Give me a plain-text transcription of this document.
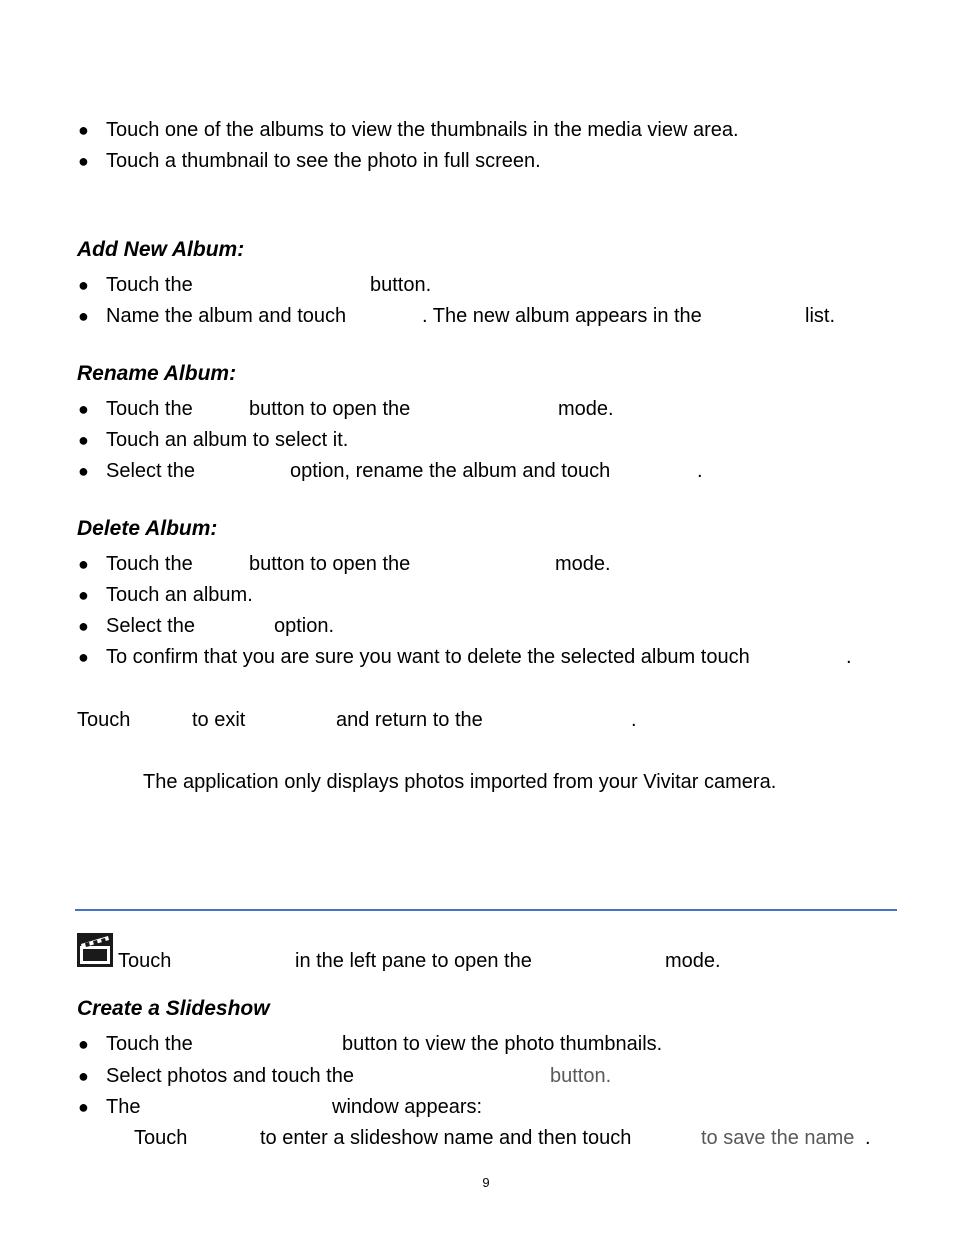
● Touch one of the albums to view the thumbnails in the media view area.
● Touch a thumbnail to see the photo in full screen.
Add New Album:
● Touch the	button.
● Name the album and touch	. The new album appears in the	list.
Rename Album:
● Touch the	button to open the	mode.
● Touch an album to select it.
● Select the	option, rename the album and touch	.
Delete Album:
● Touch the	button to open the	mode.
● Touch an album.
● Select the	option.
● To confirm that you are sure you want to delete the selected album touch	.
Touch	to exit	and return to the	.
The application only displays photos imported from your Vivitar camera.
Touch	in the left pane to open the	mode.
Create a Slideshow
● Touch the	button to view the photo thumbnails.
● Select photos and touch the	button.
● The	window appears:
Touch	to enter a slideshow name and then touch	to save the name .
9
